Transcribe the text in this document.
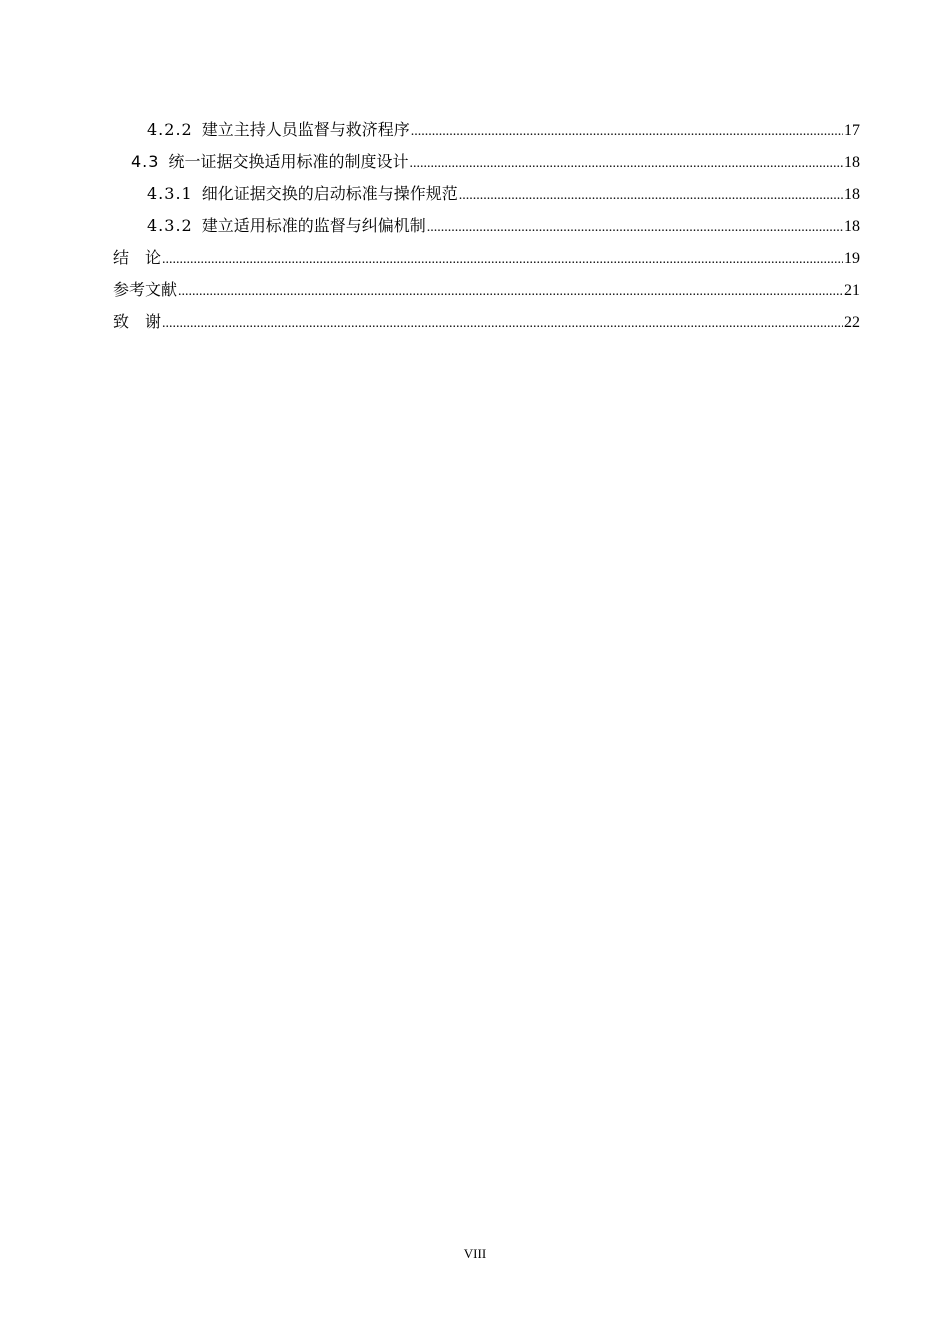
4.2.2 建立主持人员监督与救济程序 .....	17
4.3 统一证据交换适用标准的制度设计 .....	18
4.3.1 细化证据交换的启动标准与操作规范 .....	18
4.3.2 建立适用标准的监督与纠偏机制 .....	18
结　论 .....	19
参考文献 .....	21
致　谢 .....	22
VIII
